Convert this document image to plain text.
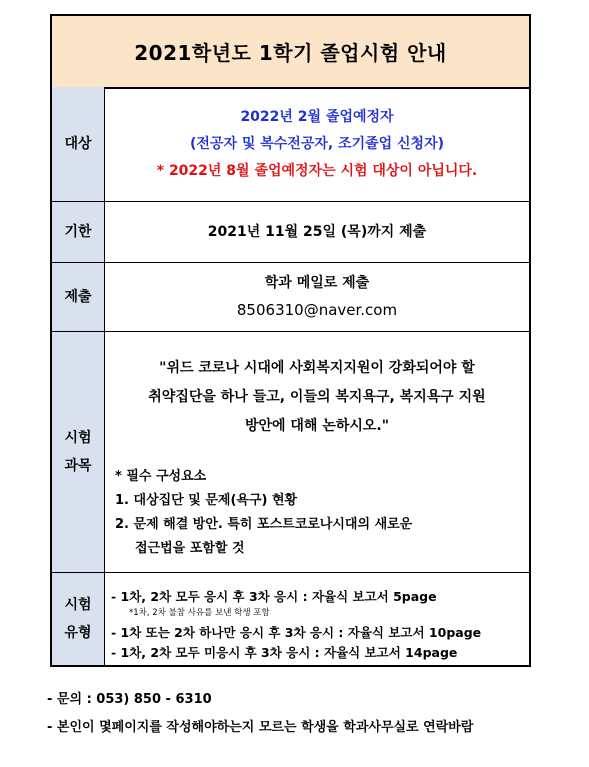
2021학년도 1학기 졸업시험 안내
대상
2022년 2월 졸업예정자
(전공자 및 복수전공자, 조기졸업 신청자)
* 2022년 8월 졸업예정자는 시험 대상이 아닙니다.
기한	2021년 11월 25일 (목)까지 제출
제출
학과 메일로 제출
8506310@naver.com
시험
과목
"위드 코로나 시대에 사회복지지원이 강화되어야 할
취약집단을 하나 들고, 이들의 복지욕구, 복지욕구 지원
방안에 대해 논하시오."
* 필수 구성요소
1. 대상집단 및 문제(욕구) 현황
2. 문제 해결 방안. 특히 포스트코로나시대의 새로운
접근법을 포함할 것
시험
유형
- 1차, 2차 모두 응시 후 3차 응시 : 자율식 보고서 5page
*1차, 2차 불참 사유를 보낸 학생 포함
- 1차 또는 2차 하나만 응시 후 3차 응시 : 자율식 보고서 10page
- 1차, 2차 모두 미응시 후 3차 응시 : 자율식 보고서 14page
- 문의 : 053) 850 - 6310
- 본인이 몇페이지를 작성해야하는지 모르는 학생을 학과사무실로 연락바람
